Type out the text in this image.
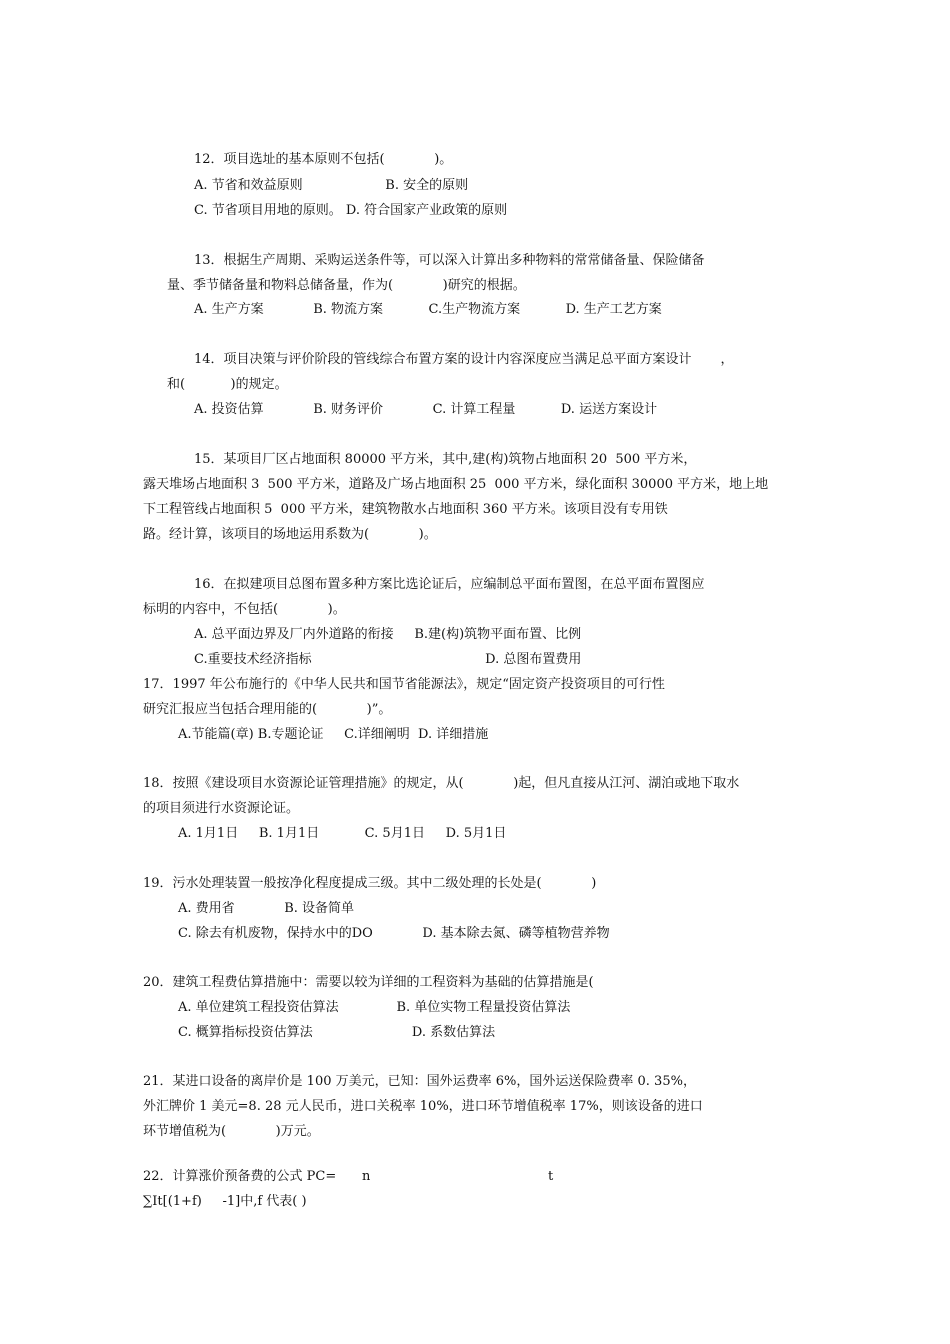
12．项目选址的基本原则不包括(            )。
A. 节省和效益原则                    B. 安全的原则
C. 节省项目用地的原则。 D. 符合国家产业政策的原则
13．根据生产周期、采购运送条件等，可以深入计算出多种物料的常常储备量、保险储备
量、季节储备量和物料总储备量，作为(            )研究的根据。
A. 生产方案            B. 物流方案           C.生产物流方案           D. 生产工艺方案
14．项目决策与评价阶段的管线综合布置方案的设计内容深度应当满足总平面方案设计       ，
和(           )的规定。
A. 投资估算            B. 财务评价            C. 计算工程量           D. 运送方案设计
15．某项目厂区占地面积 80000 平方米，其中,建(构)筑物占地面积 20  500 平方米，
露天堆场占地面积 3  500 平方米，道路及广场占地面积 25  000 平方米，绿化面积 30000 平方米，地上地
下工程管线占地面积 5  000 平方米，建筑物散水占地面积 360 平方米。该项目没有专用铁
路。经计算，该项目的场地运用系数为(            )。
16．在拟建项目总图布置多种方案比选论证后，应编制总平面布置图，在总平面布置图应
标明的内容中，不包括(            )。
A. 总平面边界及厂内外道路的衔接     B.建(构)筑物平面布置、比例
C.重要技术经济指标                                          D. 总图布置费用
17．1997 年公布施行的《中华人民共和国节省能源法》，规定“固定资产投资项目的可行性
研究汇报应当包括合理用能的(            )”。
A.节能篇(章) B.专题论证     C.详细阐明  D. 详细措施
18．按照《建设项目水资源论证管理措施》的规定，从(            )起，但凡直接从江河、湖泊或地下取水
的项目须进行水资源论证。
A. 1月1日     B. 1月1日           C. 5月1日     D. 5月1日
19．污水处理装置一般按净化程度提成三级。其中二级处理的长处是(            )
A. 费用省            B. 设备简单
C. 除去有机废物，保持水中的DO            D. 基本除去氮、磷等植物营养物
20．建筑工程费估算措施中：需要以较为详细的工程资料为基础的估算措施是(
A. 单位建筑工程投资估算法              B. 单位实物工程量投资估算法
C. 概算指标投资估算法                        D. 系数估算法
21．某进口设备的离岸价是 100 万美元，已知：国外运费率 6%，国外运送保险费率 0. 35%，
外汇牌价 1 美元=8. 28 元人民币，进口关税率 10%，进口环节增值税率 17%，则该设备的进口
环节增值税为(            )万元。
22．计算涨价预备费的公式 PC= n	t
∑It[(1+f)     -1]中,f 代表( )
